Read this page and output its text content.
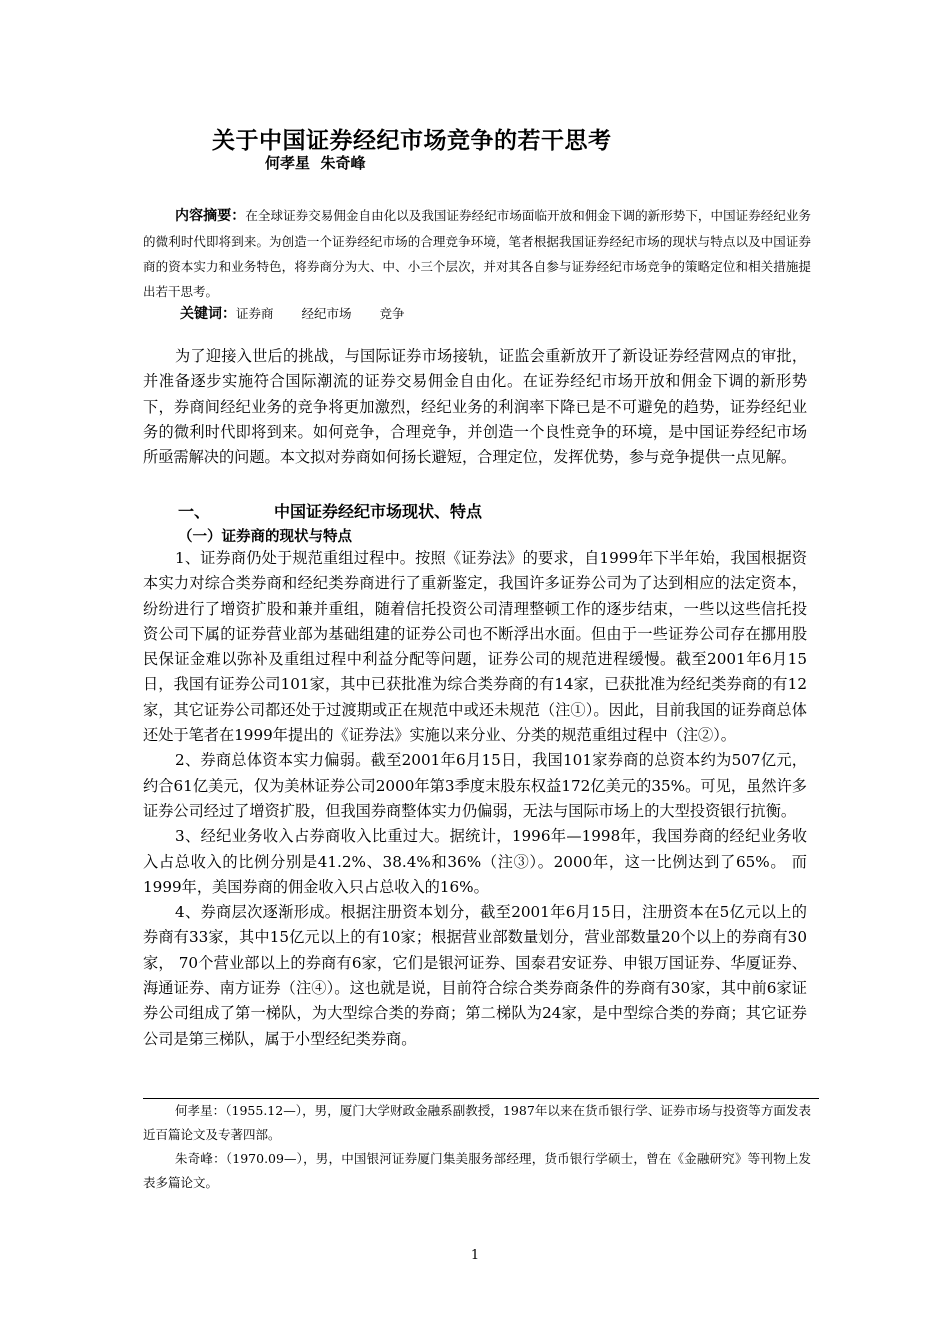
关于中国证券经纪市场竞争的若干思考
何孝星  朱奇峰

内容摘要：在全球证券交易佣金自由化以及我国证券经纪市场面临开放和佣金下调的新形势下，中国证券经纪业务的微利时代即将到来。为创造一个证券经纪市场的合理竞争环境，笔者根据我国证券经纪市场的现状与特点以及中国证券商的资本实力和业务特色，将券商分为大、中、小三个层次，并对其各自参与证券经纪市场竞争的策略定位和相关措施提出若干思考。

关键词：证券商 经纪市场 竞争

为了迎接入世后的挑战，与国际证券市场接轨，证监会重新放开了新设证券经营网点的审批，并准备逐步实施符合国际潮流的证券交易佣金自由化。在证券经纪市场开放和佣金下调的新形势下，券商间经纪业务的竞争将更加激烈，经纪业务的利润率下降已是不可避免的趋势，证券经纪业务的微利时代即将到来。如何竞争，合理竞争，并创造一个良性竞争的环境，是中国证券经纪市场所亟需解决的问题。本文拟对券商如何扬长避短，合理定位，发挥优势，参与竞争提供一点见解。

一、	中国证券经纪市场现状、特点
（一）证券商的现状与特点

1、证券商仍处于规范重组过程中。按照《证券法》的要求，自1999年下半年始，我国根据资本实力对综合类券商和经纪类券商进行了重新鉴定，我国许多证券公司为了达到相应的法定资本，纷纷进行了增资扩股和兼并重组，随着信托投资公司清理整顿工作的逐步结束，一些以这些信托投资公司下属的证券营业部为基础组建的证券公司也不断浮出水面。但由于一些证券公司存在挪用股民保证金难以弥补及重组过程中利益分配等问题，证券公司的规范进程缓慢。截至2001年6月15日，我国有证券公司101家，其中已获批准为综合类券商的有14家，已获批准为经纪类券商的有12家，其它证券公司都还处于过渡期或正在规范中或还未规范（注①）。因此，目前我国的证券商总体还处于笔者在1999年提出的《证券法》实施以来分业、分类的规范重组过程中（注②）。

2、券商总体资本实力偏弱。截至2001年6月15日，我国101家券商的总资本约为507亿元，约合61亿美元，仅为美林证券公司2000年第3季度末股东权益172亿美元的35%。可见，虽然许多证券公司经过了增资扩股，但我国券商整体实力仍偏弱，无法与国际市场上的大型投资银行抗衡。

3、经纪业务收入占券商收入比重过大。据统计，1996年—1998年，我国券商的经纪业务收入占总收入的比例分别是41.2%、38.4%和36%（注③）。2000年，这一比例达到了65%。 而1999年，美国券商的佣金收入只占总收入的16%。

4、券商层次逐渐形成。根据注册资本划分，截至2001年6月15日，注册资本在5亿元以上的券商有33家，其中15亿元以上的有10家；根据营业部数量划分，营业部数量20个以上的券商有30家， 70个营业部以上的券商有6家，它们是银河证券、国泰君安证券、申银万国证券、华厦证券、海通证券、南方证券（注④）。这也就是说，目前符合综合类券商条件的券商有30家，其中前6家证券公司组成了第一梯队，为大型综合类的券商；第二梯队为24家，是中型综合类的券商；其它证券公司是第三梯队，属于小型经纪类券商。

何孝星：（1955.12—），男，厦门大学财政金融系副教授，1987年以来在货币银行学、证券市场与投资等方面发表近百篇论文及专著四部。

朱奇峰：（1970.09—），男，中国银河证券厦门集美服务部经理，货币银行学硕士，曾在《金融研究》等刊物上发表多篇论文。

1
